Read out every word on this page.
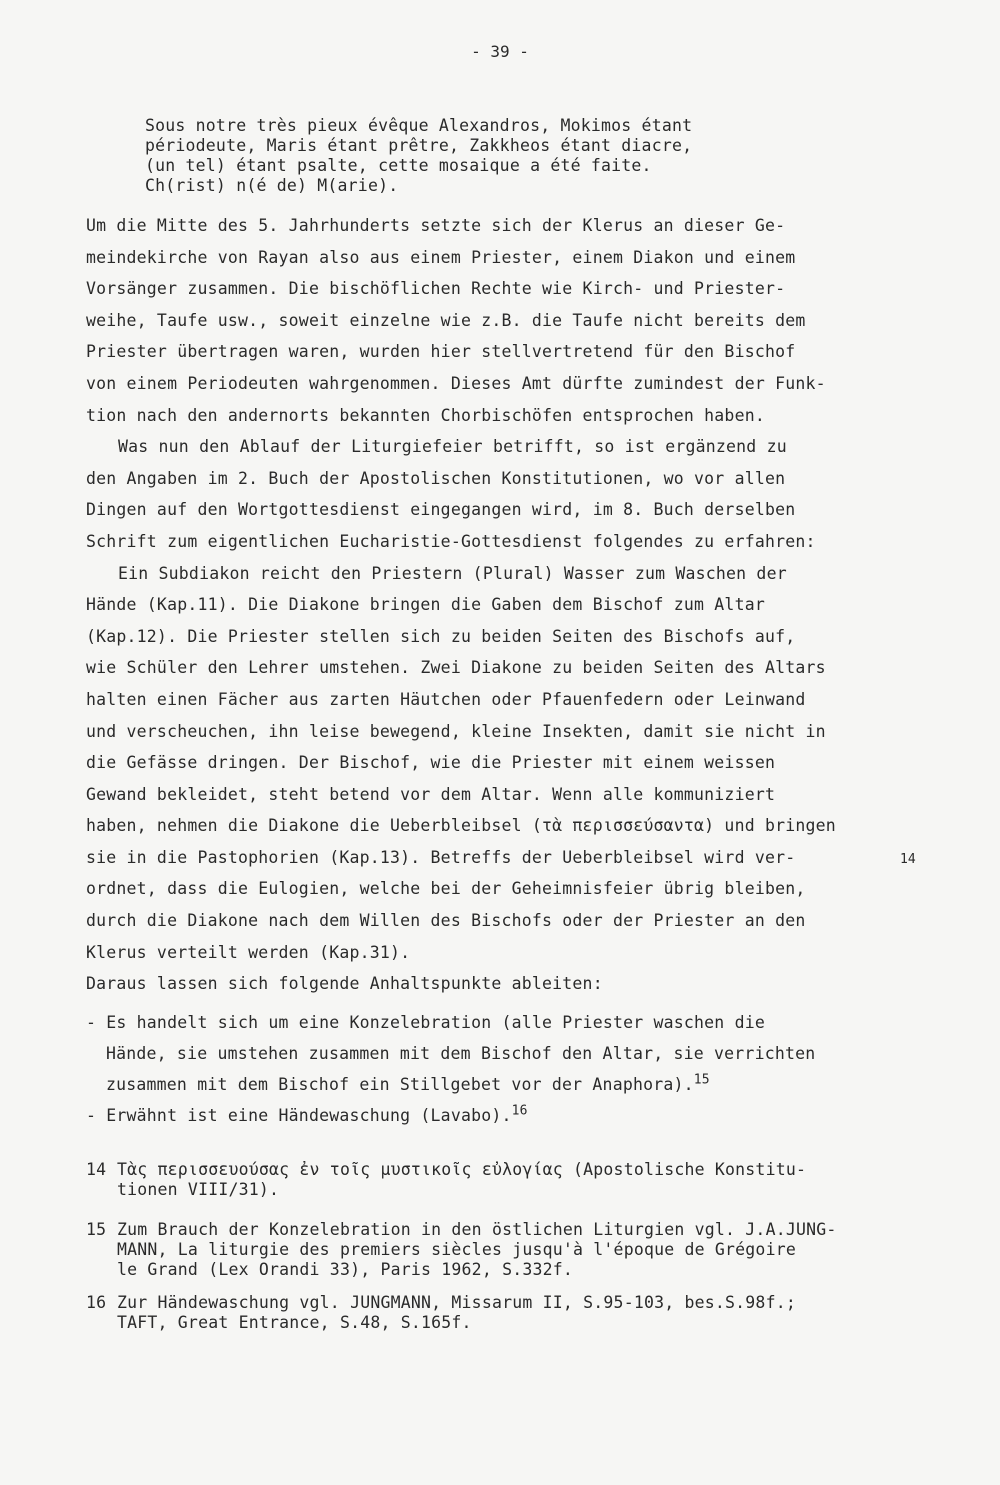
- 39 -
Sous notre très pieux évêque Alexandros, Mokimos étant
périodeute, Maris étant prêtre, Zakkheos étant diacre,
(un tel) étant psalte, cette mosaique a été faite.
Ch(rist) n(é de) M(arie).
Um die Mitte des 5. Jahrhunderts setzte sich der Klerus an dieser Ge-
meindekirche von Rayan also aus einem Priester, einem Diakon und einem
Vorsänger zusammen. Die bischöflichen Rechte wie Kirch- und Priester-
weihe, Taufe usw., soweit einzelne wie z.B. die Taufe nicht bereits dem
Priester übertragen waren, wurden hier stellvertretend für den Bischof
von einem Periodeuten wahrgenommen. Dieses Amt dürfte zumindest der Funk-
tion nach den andernorts bekannten Chorbischöfen entsprochen haben.
Was nun den Ablauf der Liturgiefeier betrifft, so ist ergänzend zu
den Angaben im 2. Buch der Apostolischen Konstitutionen, wo vor allen
Dingen auf den Wortgottesdienst eingegangen wird, im 8. Buch derselben
Schrift zum eigentlichen Eucharistie-Gottesdienst folgendes zu erfahren:
Ein Subdiakon reicht den Priestern (Plural) Wasser zum Waschen der
Hände (Kap.11). Die Diakone bringen die Gaben dem Bischof zum Altar
(Kap.12). Die Priester stellen sich zu beiden Seiten des Bischofs auf,
wie Schüler den Lehrer umstehen. Zwei Diakone zu beiden Seiten des Altars
halten einen Fächer aus zarten Häutchen oder Pfauenfedern oder Leinwand
und verscheuchen, ihn leise bewegend, kleine Insekten, damit sie nicht in
die Gefässe dringen. Der Bischof, wie die Priester mit einem weissen
Gewand bekleidet, steht betend vor dem Altar. Wenn alle kommuniziert
haben, nehmen die Diakone die Ueberbleibsel (τὰ περισσεύσαντα) und bringen
sie in die Pastophorien (Kap.13). Betreffs der Ueberbleibsel wird ver-
ordnet, dass die Eulogien, welche bei der Geheimnisfeier übrig bleiben,
durch die Diakone nach dem Willen des Bischofs oder der Priester an den
Klerus verteilt werden (Kap.31).
Daraus lassen sich folgende Anhaltspunkte ableiten:
- Es handelt sich um eine Konzelebration (alle Priester waschen die
Hände, sie umstehen zusammen mit dem Bischof den Altar, sie verrichten
zusammen mit dem Bischof ein Stillgebet vor der Anaphora).$^{15}$
- Erwähnt ist eine Händewaschung (Lavabo).$^{16}$
14
14 Τὰς περισσευούσας ἐν τοῖς μυστικοῖς εὐλογίας (Apostolische Konstitu-
tionen VIII/31).
15 Zum Brauch der Konzelebration in den östlichen Liturgien vgl. J.A.JUNG-
MANN, La liturgie des premiers siècles jusqu'à l'époque de Grégoire
le Grand (Lex Orandi 33), Paris 1962, S.332f.
16 Zur Händewaschung vgl. JUNGMANN, Missarum II, S.95-103, bes.S.98f.;
TAFT, Great Entrance, S.48, S.165f.
